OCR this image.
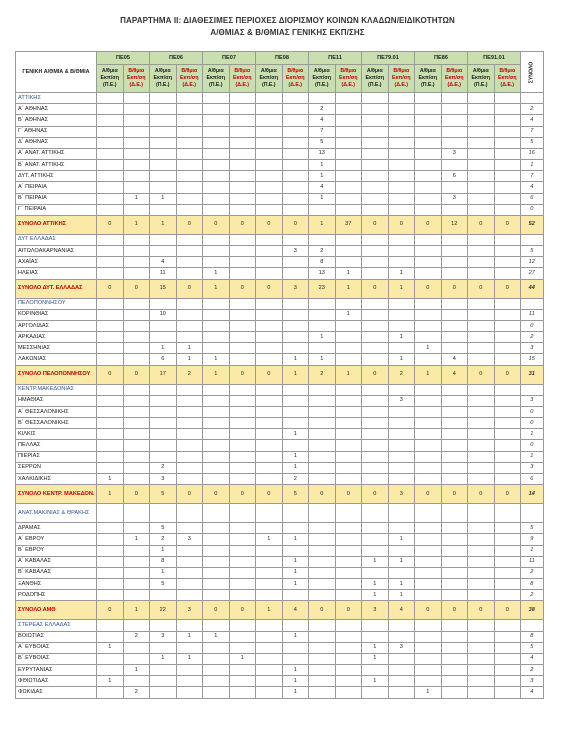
ΠΑΡΑΡΤΗΜΑ ΙΙ: ΔΙΑΘΕΣΙΜΕΣ ΠΕΡΙΟΧΕΣ ΔΙΟΡΙΣΜΟΥ ΚΟΙΝΩΝ ΚΛΑΔΩΝ/ΕΙΔΙΚΟΤΗΤΩΝ
Α/ΘΜΙΑΣ & Β/ΘΜΙΑΣ ΓΕΝΙΚΗΣ ΕΚΠ/ΣΗΣ
ΓΕΝΙΚΗ Α/ΘΜΙΑ & Β/ΘΜΙΑ	ΠΕ05		ΠΕ06		ΠΕ07		ΠΕ08		ΠΕ11		ΠΕ79.01		ΠΕ86		ΠΕ91.01		ΣΥΝΟΛΟ
	Α/θμια Εκπ/ση (Π.Ε.)	Β/θμια Εκπ/ση (Δ.Ε.)	Α/θμια Εκπ/ση (Π.Ε.)	Β/θμια Εκπ/ση (Δ.Ε.)	Α/θμια Εκπ/ση (Π.Ε.)	Β/θμια Εκπ/ση (Δ.Ε.)	Α/θμια Εκπ/ση (Π.Ε.)	Β/θμια Εκπ/ση (Δ.Ε.)	Α/θμια Εκπ/ση (Π.Ε.)	Β/θμια Εκπ/ση (Δ.Ε.)	Α/θμια Εκπ/ση (Π.Ε.)	Β/θμια Εκπ/ση (Δ.Ε.)	Α/θμια Εκπ/ση (Π.Ε.)	Β/θμια Εκπ/ση (Δ.Ε.)	Α/θμια Εκπ/ση (Π.Ε.)	Β/θμια Εκπ/ση (Δ.Ε.)	
ΑΤΤΙΚΗΣ																	
Α΄ ΑΘΗΝΑΣ									2								2
Β΄ ΑΘΗΝΑΣ									4								4
Γ΄ ΑΘΗΝΑΣ									7								7
Δ΄ ΑΘΗΝΑΣ									5								5
Α΄ ΑΝΑΤ. ΑΤΤΙΚΗΣ									13					3			16
Β΄ ΑΝΑΤ. ΑΤΤΙΚΗΣ									1								1
ΔΥΤ. ΑΤΤΙΚΗΣ									1					6			7
Α΄ ΠΕΙΡΑΙΑ									4								4
Β΄ ΠΕΙΡΑΙΑ		1	1						1					3			6
Γ΄ ΠΕΙΡΑΙΑ																	0
ΣΥΝΟΛΟ ΑΤΤΙΚΗΣ	0	1	1	0	0	0	0	0	1	37	0	0	0	12	0	0	52
ΔΥΤ ΕΛΛΑΔΑΣ																	
ΑΙΤΩΛΟΑΚΑΡΝΑΝΙΑΣ								3	2								5
ΑΧΑΪΑΣ			4						8								12
ΗΛΕΙΑΣ			11		1				13	1		1					27
ΣΥΝΟΛΟ ΔΥΤ. ΕΛΛΑΔΑΣ	0	0	15	0	1	0	0	3	23	1	0	1	0	0	0	0	44
ΠΕΛΟΠΟΝΝΗΣΟΥ																	
ΚΟΡΙΝΘΙΑΣ			10							1							11
ΑΡΓΟΛΙΔΑΣ																	0
ΑΡΚΑΔΙΑΣ									1			1					2
ΜΕΣΣΗΝΙΑΣ			1	1									1				3
ΛΑΚΩΝΙΑΣ			6	1	1			1	1			1		4			15
ΣΥΝΟΛΟ ΠΕΛΟΠΟΝΝΗΣΟΥ	0	0	17	2	1	0	0	1	2	1	0	2	1	4	0	0	31
ΚΕΝΤΡ.ΜΑΚΕΔΟΝΙΑΣ																	
ΗΜΑΘΙΑΣ												3					3
Α΄ ΘΕΣΣΑΛΟΝΙΚΗΣ																	0
Β΄ ΘΕΣΣΑΛΟΝΙΚΗΣ																	0
ΚΙΛΚΙΣ								1									1
ΠΕΛΛΑΣ																	0
ΠΙΕΡΙΑΣ								1									1
ΣΕΡΡΩΝ			2					1									3
ΧΑΛΚΙΔΙΚΗΣ	1		3					2									6
ΣΥΝΟΛΟ ΚΕΝΤΡ. ΜΑΚΕΔΟΝ.	1	0	5	0	0	0	0	5	0	0	0	3	0	0	0	0	14
ΑΝΑΤ.ΜΑΚ/ΝΙΑΣ & ΘΡΑΚΗΣ																	
ΔΡΑΜΑΣ			5														5
Α΄ ΕΒΡΟΥ		1	2	3			1	1				1					9
Β΄ ΕΒΡΟΥ			1														1
Α΄ ΚΑΒΑΛΑΣ			8					1			1	1					11
Β΄ ΚΑΒΑΛΑΣ			1					1									2
ΞΑΝΘΗΣ			5					1			1	1					8
ΡΟΔΟΠΗΣ											1	1					2
ΣΥΝΟΛΟ ΑΜΘ	0	1	22	3	0	0	1	4	0	0	3	4	0	0	0	0	38
ΣΤΕΡΕΑΣ ΕΛΛΑΔΑΣ																	
ΒΟΙΩΤΙΑΣ		2	3	1	1			1									8
Α΄ ΕΥΒΟΙΑΣ	1										1	3					5
Β΄ ΕΥΒΟΙΑΣ			1	1		1					1						4
ΕΥΡΥΤΑΝΙΑΣ		1						1									2
ΦΘΙΩΤΙΔΑΣ	1							1			1						3
ΦΩΚΙΔΑΣ		2						1					1				4
